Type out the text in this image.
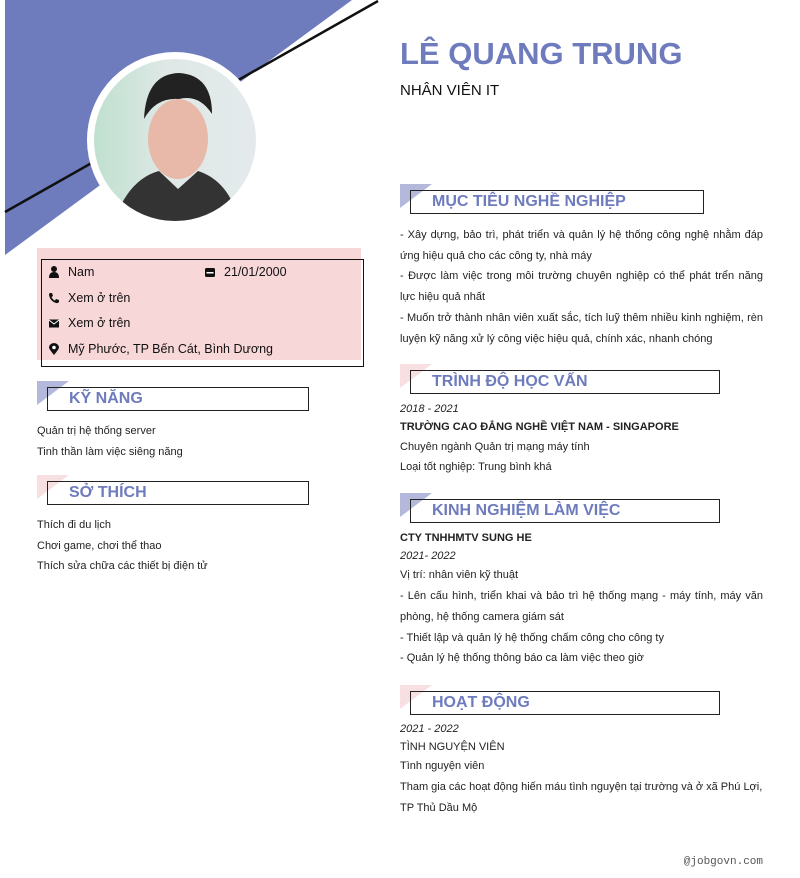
LÊ QUANG TRUNG
NHÂN VIÊN IT
Nam	21/01/2000
Xem ở trên
Xem ở trên
Mỹ Phước, TP Bến Cát, Bình Dương
KỸ NĂNG
Quản trị hệ thống server
Tinh thần làm việc siêng năng
SỞ THÍCH
Thích đi du lịch
Chơi game, chơi thể thao
Thích sửa chữa các thiết bị điện tử
MỤC TIÊU NGHỀ NGHIỆP
- Xây dựng, bảo trì, phát triển và quản lý hệ thống công nghệ nhằm đáp ứng hiệu quả cho các công ty, nhà máy
- Được làm việc trong môi trường chuyên nghiệp có thể phát trển năng lực hiệu quả nhất
- Muốn trở thành nhân viên xuất sắc, tích luỹ thêm nhiều kinh nghiệm, rèn luyện kỹ năng xử lý công việc hiệu quả, chính xác, nhanh chóng
TRÌNH ĐỘ HỌC VẤN
2018 - 2021
TRƯỜNG CAO ĐẲNG NGHỀ VIỆT NAM - SINGAPORE
Chuyên ngành Quản trị mạng máy tính
Loại tốt nghiệp: Trung bình khá
KINH NGHIỆM LÀM VIỆC
CTY TNHHMTV SUNG HE
2021- 2022
Vị trí: nhân viên kỹ thuật
- Lên cấu hình, triển khai và bảo trì hệ thống mạng - máy tính, máy văn phòng, hệ thống camera giám sát
- Thiết lập và quản lý hệ thống chấm công cho công ty
- Quản lý hệ thống thông báo ca làm việc theo giờ
HOẠT ĐỘNG
2021 - 2022
TÌNH NGUYỆN VIÊN
Tình nguyện viên
Tham gia các hoạt động hiến máu tình nguyện tại trường và ở xã Phú Lợi, TP Thủ Dầu Mộ
@jobgovn.com
